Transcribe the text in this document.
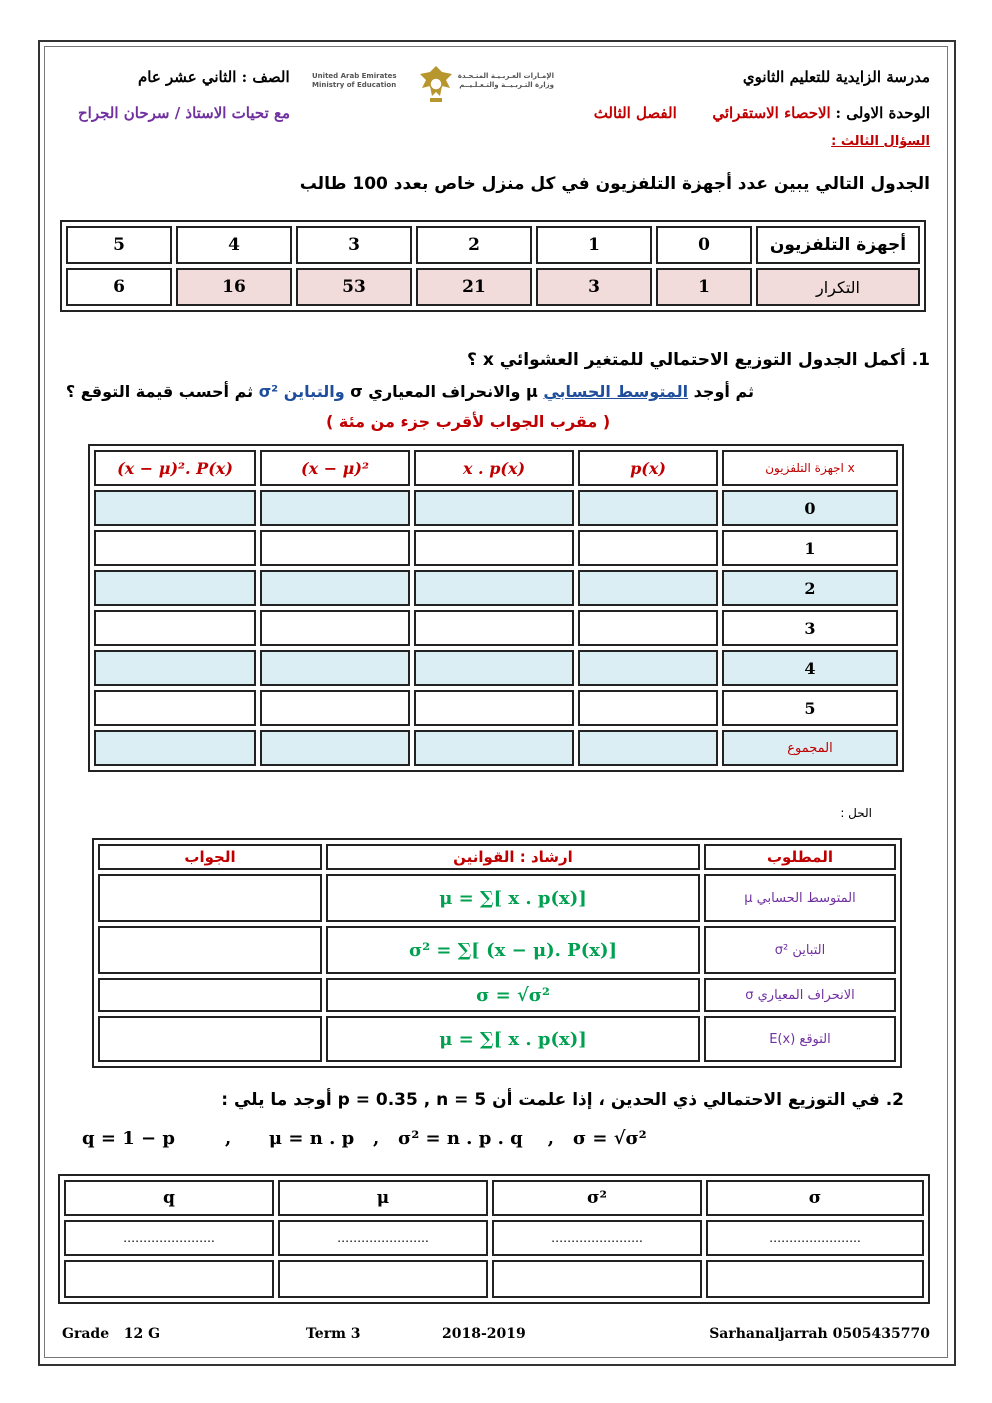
مدرسة الزايدية للتعليم الثانوي
الصف : الثاني عشر عام	United Arab Emirates
Ministry of Education
الإمـارات العـربـيـة المتـحـدة
وزارة التـربـيــة والتـعـلـيــم
الوحدة الاولى : الاحصاء الاستقرائي  الفصل الثالث
مع تحيات الاستاذ / سرحان الجراح
السؤال الثالث :
الجدول التالي يبين عدد أجهزة التلفزيون في كل منزل خاص بعدد 100 طالب
5	4	3	2	1	0	أجهزة التلفزيون
6	16	53	21	3	1	التكرار
1. أكمل الجدول التوزيع الاحتمالي للمتغير العشوائي x ؟
ثم أوجد المتوسط الحسابي μ والانحراف المعياري σ والتباين σ² ثم أحسب قيمة التوقع ؟
( مقرب الجواب لأقرب جزء من مئة )
(x − μ)². P(x)	(x − μ)²	x . p(x)	p(x)	x اجهزة التلفزيون
				0
				1
				2
				3
				4
				5
				المجموع
الحل :
الجواب	ارشاد : القوانين	المطلوب
	μ = ∑[ x . p(x)]	المتوسط الحسابي μ
	σ² = ∑[ (x − μ). P(x)]	التباين σ²
	σ = √σ²	الانحراف المعياري σ
	μ = ∑[ x . p(x)]	التوقع E(x)
2. في التوزيع الاحتمالي ذي الحدين ، إذا علمت أن p = 0.35 , n = 5 أوجد ما يلي :
q = 1 − p        ,      μ = n . p   ,   σ² = n . p . q    ,   σ = √σ²
q	μ	σ²	σ
…………………..	…………………..	…………………..	…………………..

Grade   12 G	Term 3	2018-2019	Sarhanaljarrah 0505435770
